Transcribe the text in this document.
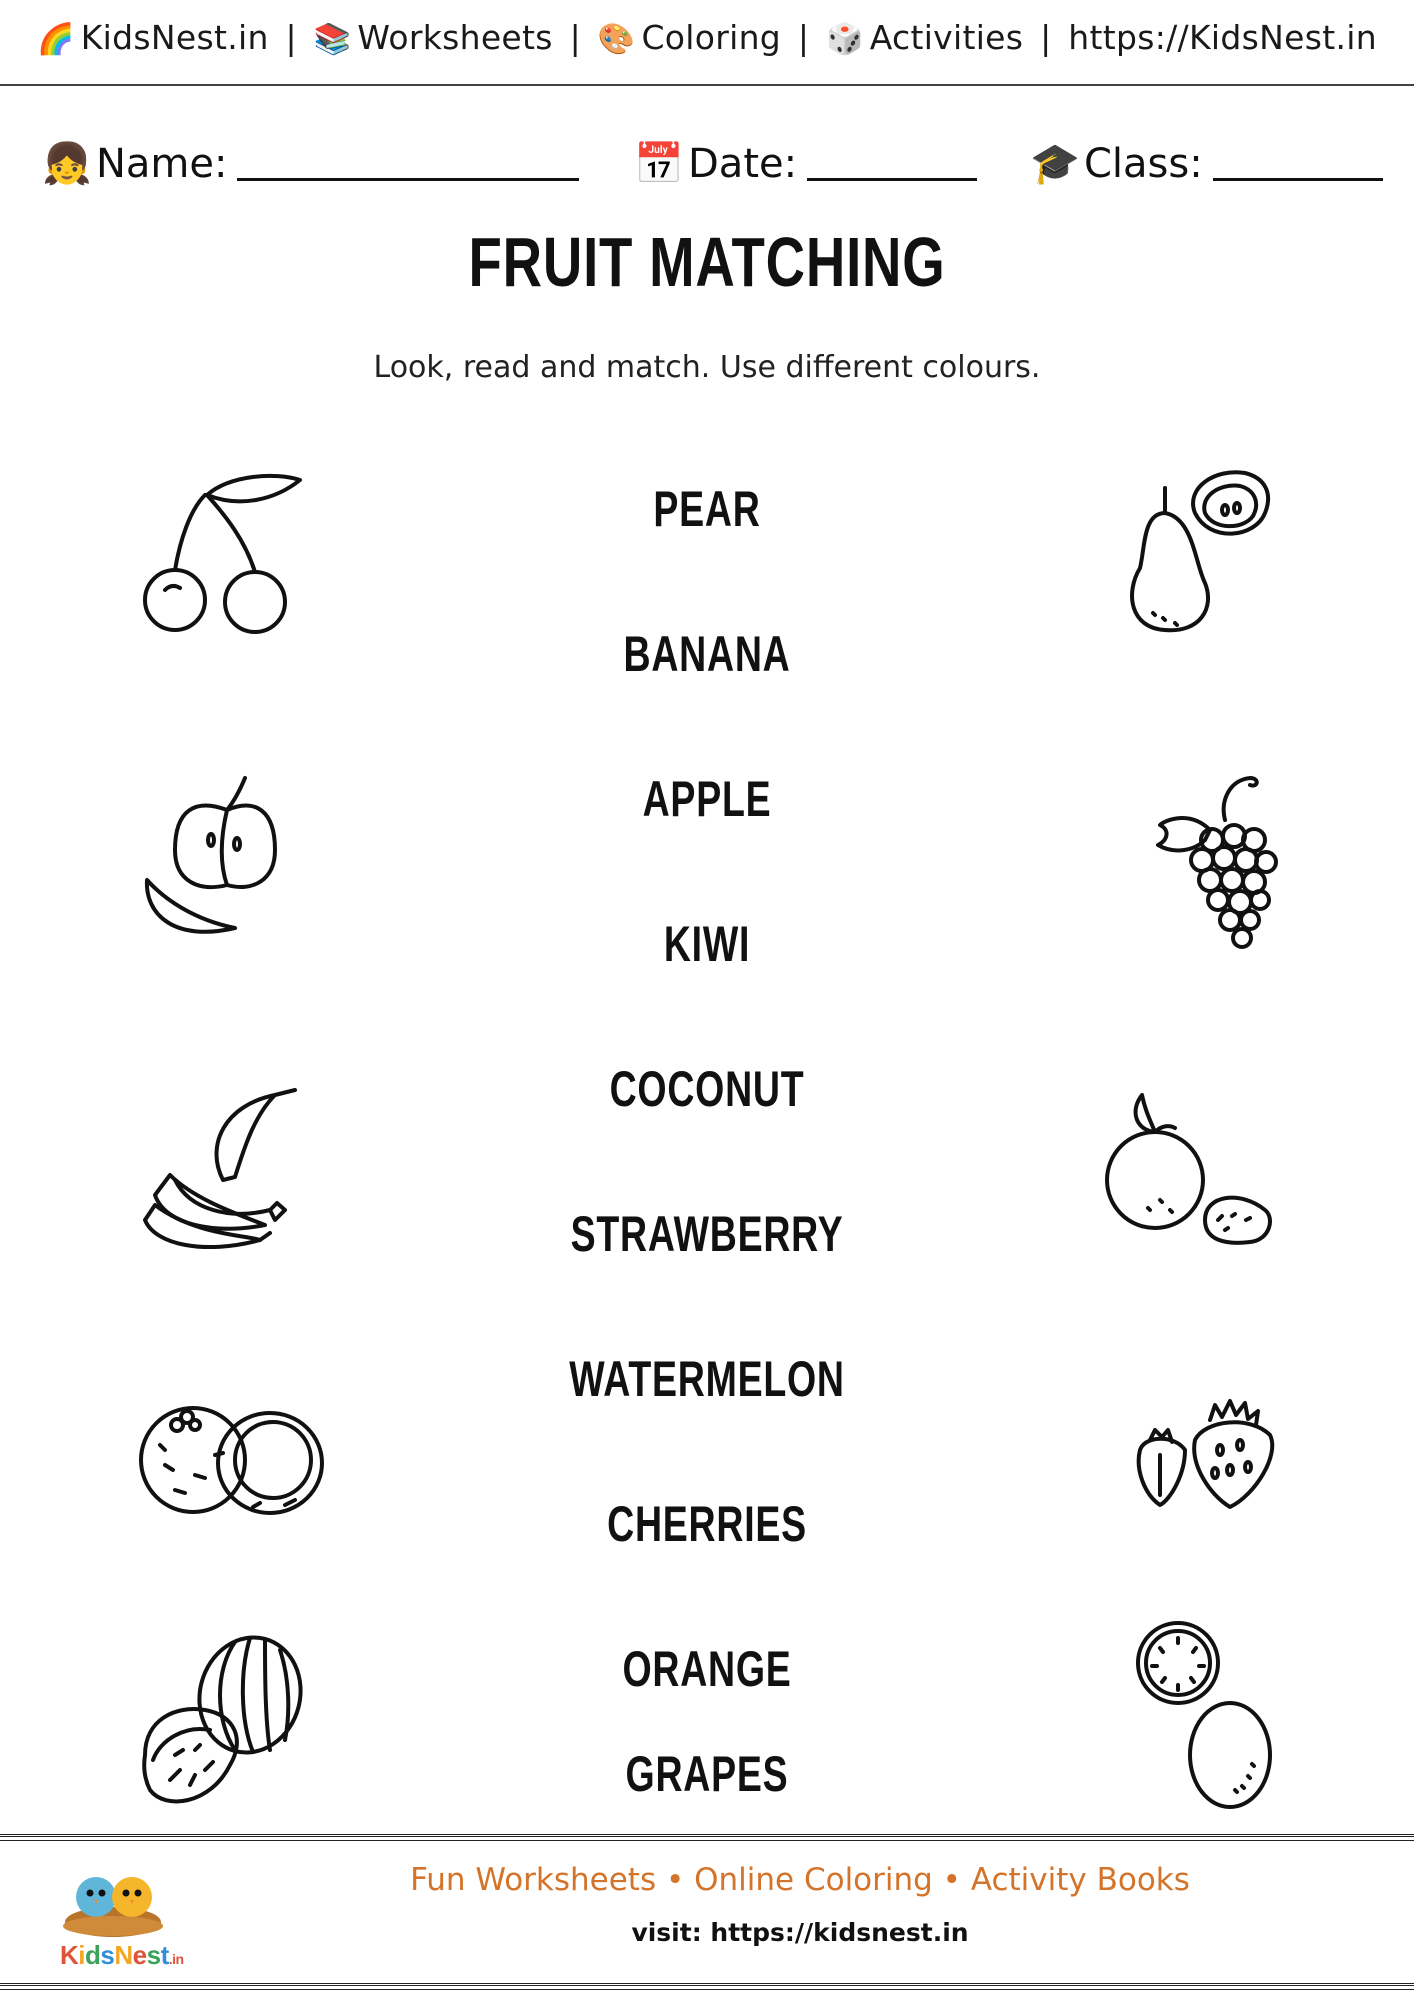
🌈 KidsNest.in | 📚 Worksheets | 🎨 Coloring | 🎲 Activities | https://KidsNest.in
👧 Name:	📅 Date:	🎓 Class:
FRUIT MATCHING
Look, read and match. Use different colours.
PEAR
BANANA
APPLE
KIWI
COCONUT
STRAWBERRY
WATERMELON
CHERRIES
ORANGE
GRAPES
KidsNest.in
Fun Worksheets • Online Coloring • Activity Books
visit: https://kidsnest.in
